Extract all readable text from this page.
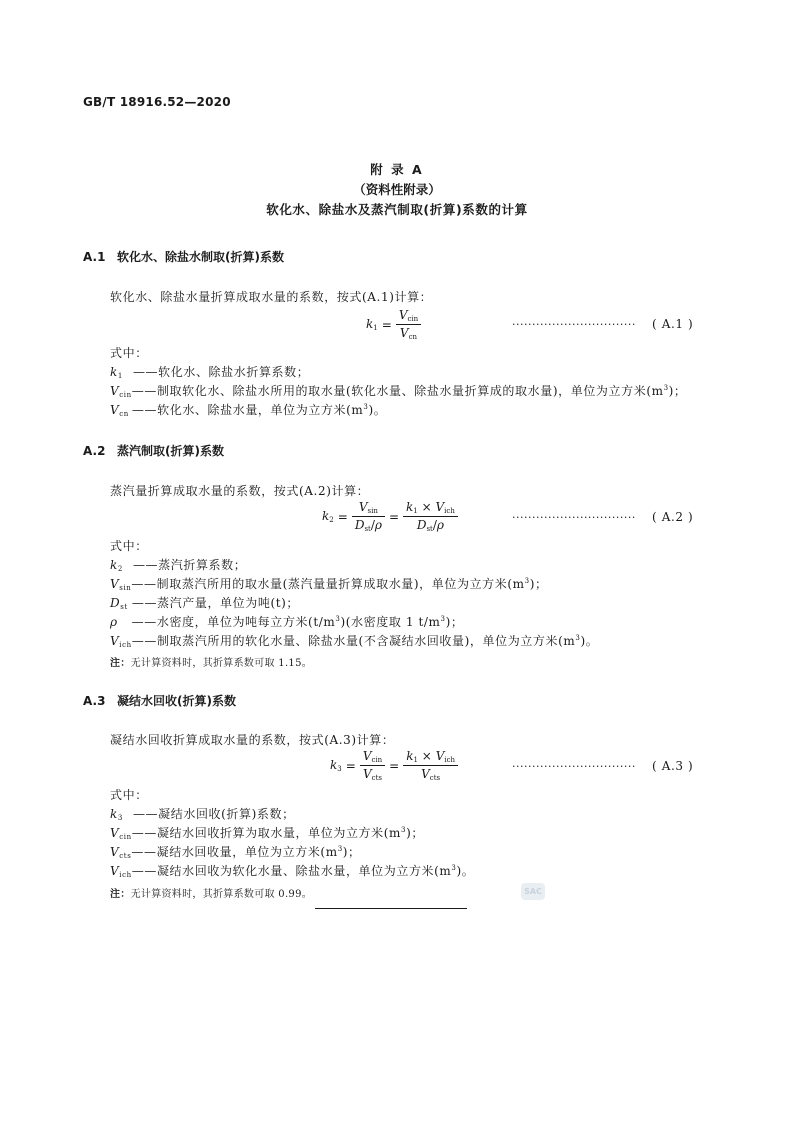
GB/T 18916.52—2020
附 录 A
（资料性附录）
软化水、除盐水及蒸汽制取(折算)系数的计算
A.1 软化水、除盐水制取(折算)系数
软化水、除盐水量折算成取水量的系数，按式(A.1)计算：
$k_1 = \frac{V_{cin}}{V_{cn}}$	······························· ( A.1 )
式中：
$k_1$ ——软化水、除盐水折算系数；
$V_{cin}——$制取软化水、除盐水所用的取水量(软化水量、除盐水量折算成的取水量)，单位为立方米$(m^3)$；
$V_{cn}$ ——软化水、除盐水量，单位为立方米$(m^3)$。
A.2 蒸汽制取(折算)系数
蒸汽量折算成取水量的系数，按式(A.2)计算：
$k_2 = \frac{V_{sin}}{D_{st}/\rho} = \frac{k_1 \times V_{ich}}{D_{st}/\rho}$	······························· ( A.2 )
式中：
$k_2$ ——蒸汽折算系数；
$V_{sin}——$制取蒸汽所用的取水量(蒸汽量量折算成取水量)，单位为立方米$(m^3)$；
$D_{st}$ ——蒸汽产量，单位为吨(t)；
ρ ——水密度，单位为吨每立方米$(t/m^3)$(水密度取 1 $t/m^3$)；
$V_{ich}——$制取蒸汽所用的软化水量、除盐水量(不含凝结水回收量)，单位为立方米$(m^3)$。
注：无计算资料时，其折算系数可取 1.15。
A.3 凝结水回收(折算)系数
凝结水回收折算成取水量的系数，按式(A.3)计算：
$k_3 = \frac{V_{cin}}{V_{cts}} = \frac{k_1 \times V_{ich}}{V_{cts}}$	······························· ( A.3 )
式中：
$k_3$ ——凝结水回收(折算)系数；
$V_{cin}——$凝结水回收折算为取水量，单位为立方米$(m^3)$；
$V_{cts}——$凝结水回收量，单位为立方米$(m^3)$；
$V_{ich}——$凝结水回收为软化水量、除盐水量，单位为立方米$(m^3)$。
注：无计算资料时，其折算系数可取 0.99。	SAC
